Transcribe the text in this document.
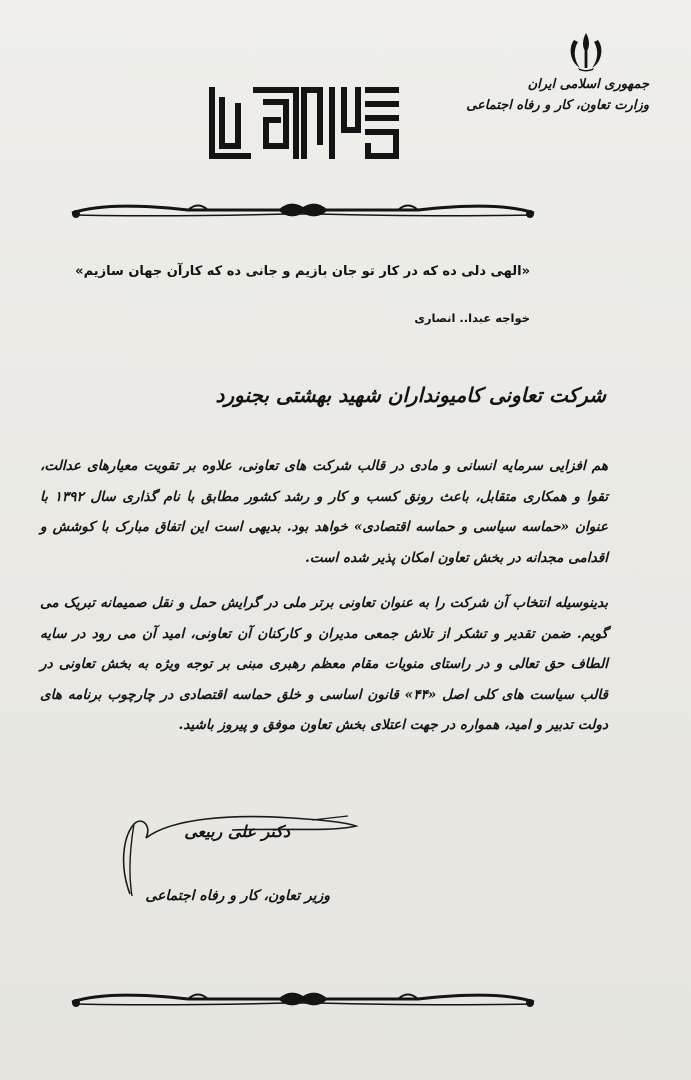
جمهوری اسلامی ایران
وزارت تعاون، کار و رفاه اجتماعی
«الهی دلی ده که در کار تو جان بازیم و جانی ده که کارآن جهان سازیم»
خواجه عبدا.. انصاری
شرکت تعاونی کامیونداران شهید بهشتی بجنورد
هم افزایی سرمایه انسانی و مادی در قالب شرکت های تعاونی، علاوه بر تقویت معیارهای عدالت، تقوا و همکاری متقابل، باعث رونق کسب و کار و رشد کشور مطابق با نام گذاری سال ۱۳۹۲ با عنوان «حماسه سیاسی و حماسه اقتصادی» خواهد بود. بدیهی است این اتفاق مبارک با کوشش و اقدامی مجدانه در بخش تعاون امکان پذیر شده است.
بدینوسیله انتخاب آن شرکت را به عنوان تعاونی برتر ملی در گرایش حمل و نقل صمیمانه تبریک می گویم. ضمن تقدیر و تشکر از تلاش جمعی مدیران و کارکنان آن تعاونی، امید آن می رود در سایه الطاف حق تعالی و در راستای منویات مقام معظم رهبری مبنی بر توجه ویژه به بخش تعاونی در قالب سیاست های کلی اصل «۴۴» قانون اساسی و خلق حماسه اقتصادی در چارچوب برنامه های دولت تدبیر و امید، همواره در جهت اعتلای بخش تعاون موفق و پیروز باشید.
دکتر علی ربیعی
وزیر تعاون، کار و رفاه اجتماعی
